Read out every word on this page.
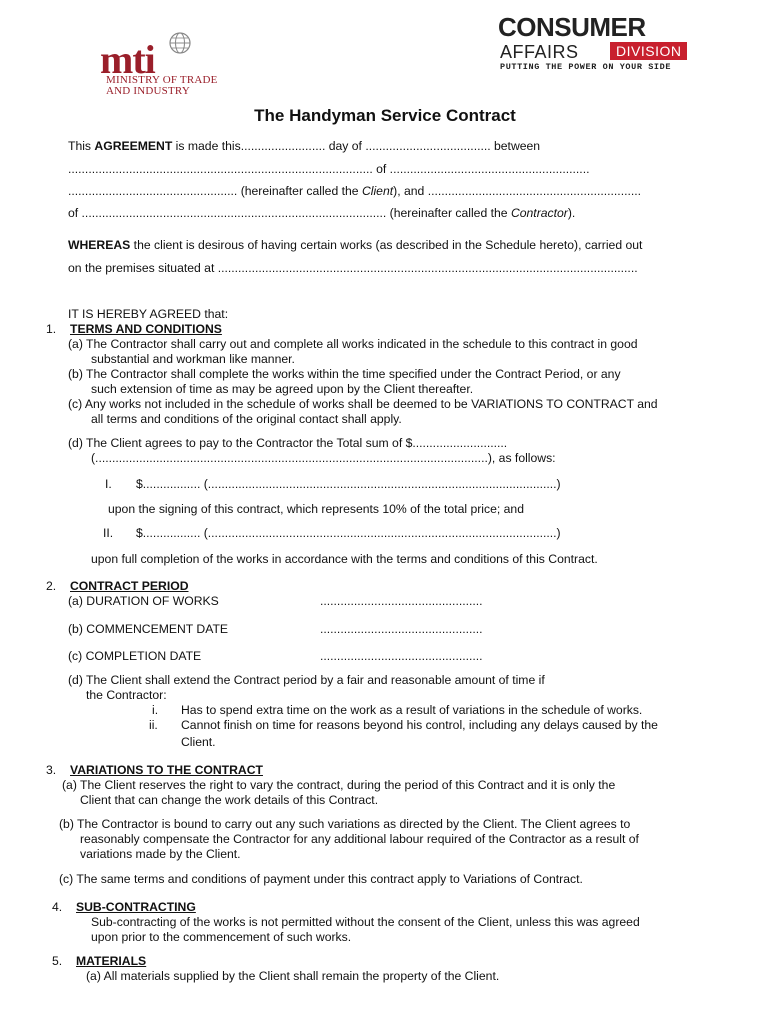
mti
MINISTRY OF TRADE
AND INDUSTRY
CONSUMER
AFFAIRS	DIVISION
PUTTING THE POWER ON YOUR SIDE
The Handyman Service Contract
This AGREEMENT is made this......................... day of ..................................... between
.......................................................................................... of ...........................................................
.................................................. (hereinafter called the Client), and ...............................................................
of .......................................................................................... (hereinafter called the Contractor).
WHEREAS the client is desirous of having certain works (as described in the Schedule hereto), carried out
on the premises situated at ............................................................................................................................
IT IS HEREBY AGREED that:
1. TERMS AND CONDITIONS
(a) The Contractor shall carry out and complete all works indicated in the schedule to this contract in good
substantial and workman like manner.
(b) The Contractor shall complete the works within the time specified under the Contract Period, or any
such extension of time as may be agreed upon by the Client thereafter.
(c) Any works not included in the schedule of works shall be deemed to be VARIATIONS TO CONTRACT and
all terms and conditions of the original contact shall apply.
(d) The Client agrees to pay to the Contractor the Total sum of $............................
(....................................................................................................................), as follows:
I. $................. (.......................................................................................................)
upon the signing of this contract, which represents 10% of the total price; and
II. $................. (.......................................................................................................)
upon full completion of the works in accordance with the terms and conditions of this Contract.
2. CONTRACT PERIOD
(a) DURATION OF WORKS	................................................
(b) COMMENCEMENT DATE	................................................
(c) COMPLETION DATE	................................................
(d) The Client shall extend the Contract period by a fair and reasonable amount of time if
the Contractor:
i. Has to spend extra time on the work as a result of variations in the schedule of works.
ii. Cannot finish on time for reasons beyond his control, including any delays caused by the
Client.
3. VARIATIONS TO THE CONTRACT
(a) The Client reserves the right to vary the contract, during the period of this Contract and it is only the
Client that can change the work details of this Contract.
(b) The Contractor is bound to carry out any such variations as directed by the Client. The Client agrees to
reasonably compensate the Contractor for any additional labour required of the Contractor as a result of
variations made by the Client.
(c) The same terms and conditions of payment under this contract apply to Variations of Contract.
4. SUB-CONTRACTING
Sub-contracting of the works is not permitted without the consent of the Client, unless this was agreed
upon prior to the commencement of such works.
5. MATERIALS
(a) All materials supplied by the Client shall remain the property of the Client.
